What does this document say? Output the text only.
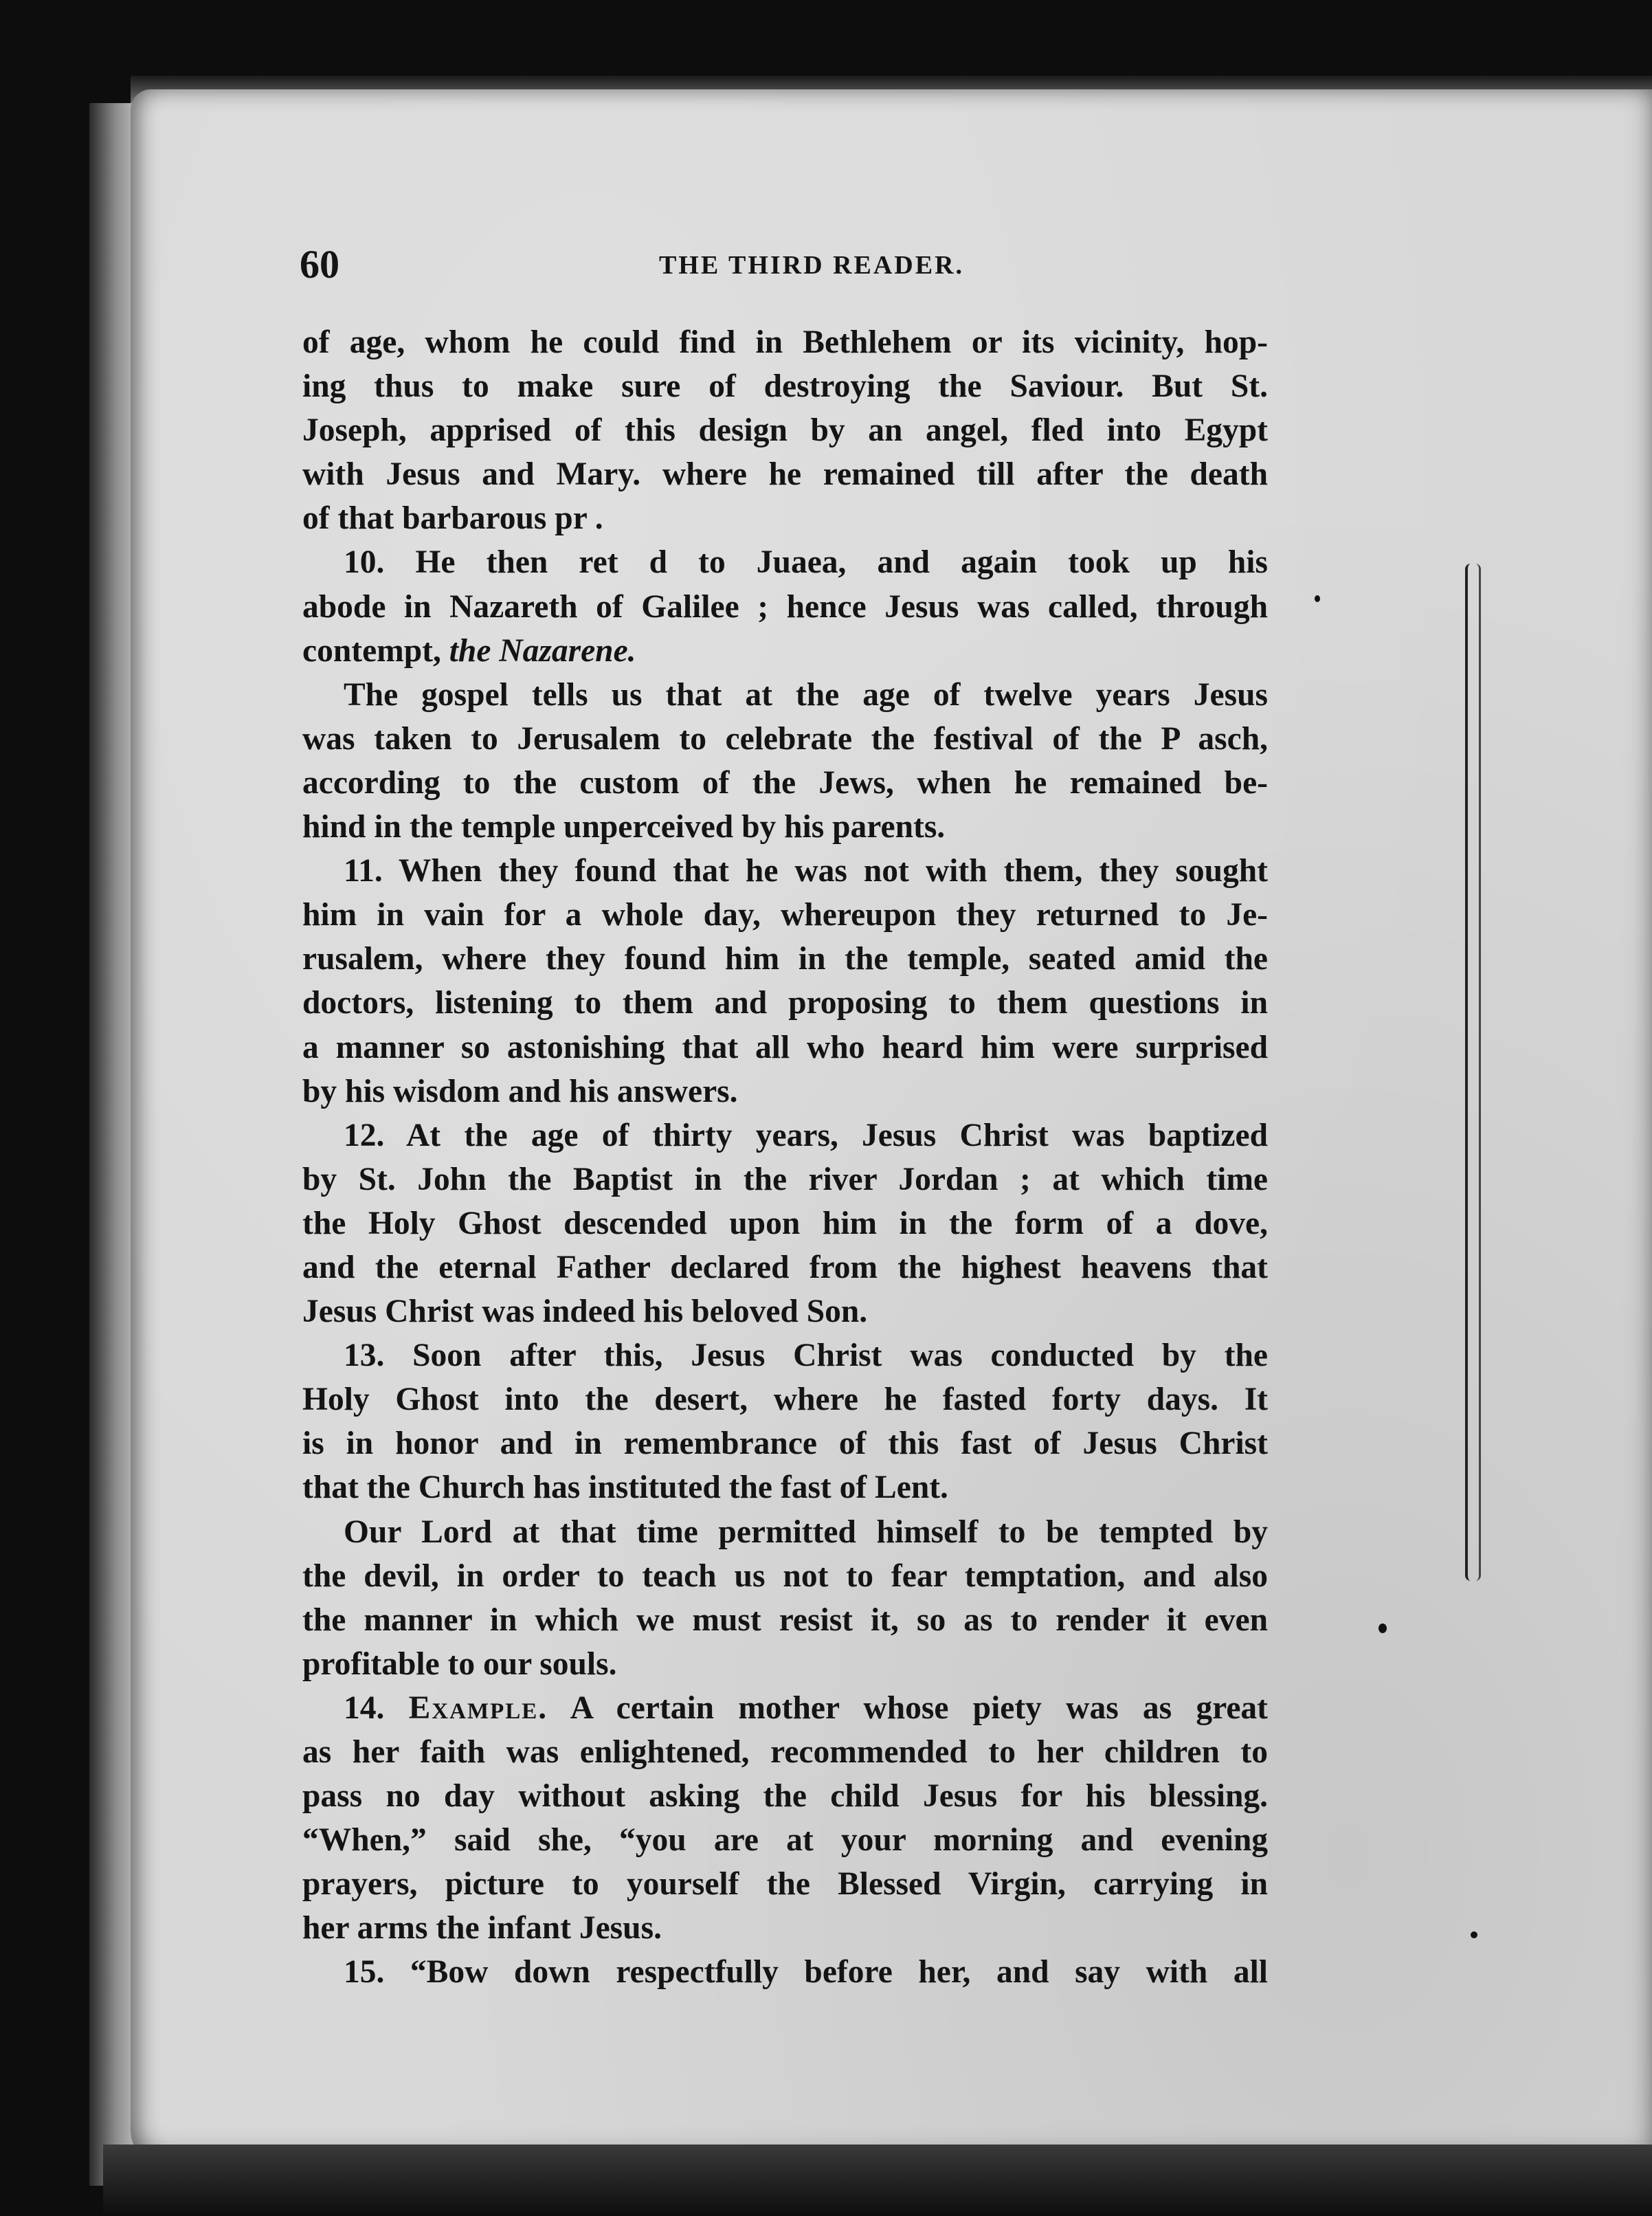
60	THE THIRD READER.
of age, whom he could find in Bethlehem or its vicinity, hop-
ing thus to make sure of destroying the Saviour. But St.
Joseph, apprised of this design by an angel, fled into Egypt
with Jesus and Mary. where he remained till after the death
of that barbarous pr .
10. He then ret d to Juaea, and again took up his
abode in Nazareth of Galilee ; hence Jesus was called, through
contempt, the Nazarene.
The gospel tells us that at the age of twelve years Jesus
was taken to Jerusalem to celebrate the festival of the P asch,
according to the custom of the Jews, when he remained be-
hind in the temple unperceived by his parents.
11. When they found that he was not with them, they sought
him in vain for a whole day, whereupon they returned to Je-
rusalem, where they found him in the temple, seated amid the
doctors, listening to them and proposing to them questions in
a manner so astonishing that all who heard him were surprised
by his wisdom and his answers.
12. At the age of thirty years, Jesus Christ was baptized
by St. John the Baptist in the river Jordan ; at which time
the Holy Ghost descended upon him in the form of a dove,
and the eternal Father declared from the highest heavens that
Jesus Christ was indeed his beloved Son.
13. Soon after this, Jesus Christ was conducted by the
Holy Ghost into the desert, where he fasted forty days. It
is in honor and in remembrance of this fast of Jesus Christ
that the Church has instituted the fast of Lent.
Our Lord at that time permitted himself to be tempted by
the devil, in order to teach us not to fear temptation, and also
the manner in which we must resist it, so as to render it even
profitable to our souls.
14. Example. A certain mother whose piety was as great
as her faith was enlightened, recommended to her children to
pass no day without asking the child Jesus for his blessing.
“When,” said she, “you are at your morning and evening
prayers, picture to yourself the Blessed Virgin, carrying in
her arms the infant Jesus.
15. “Bow down respectfully before her, and say with all
